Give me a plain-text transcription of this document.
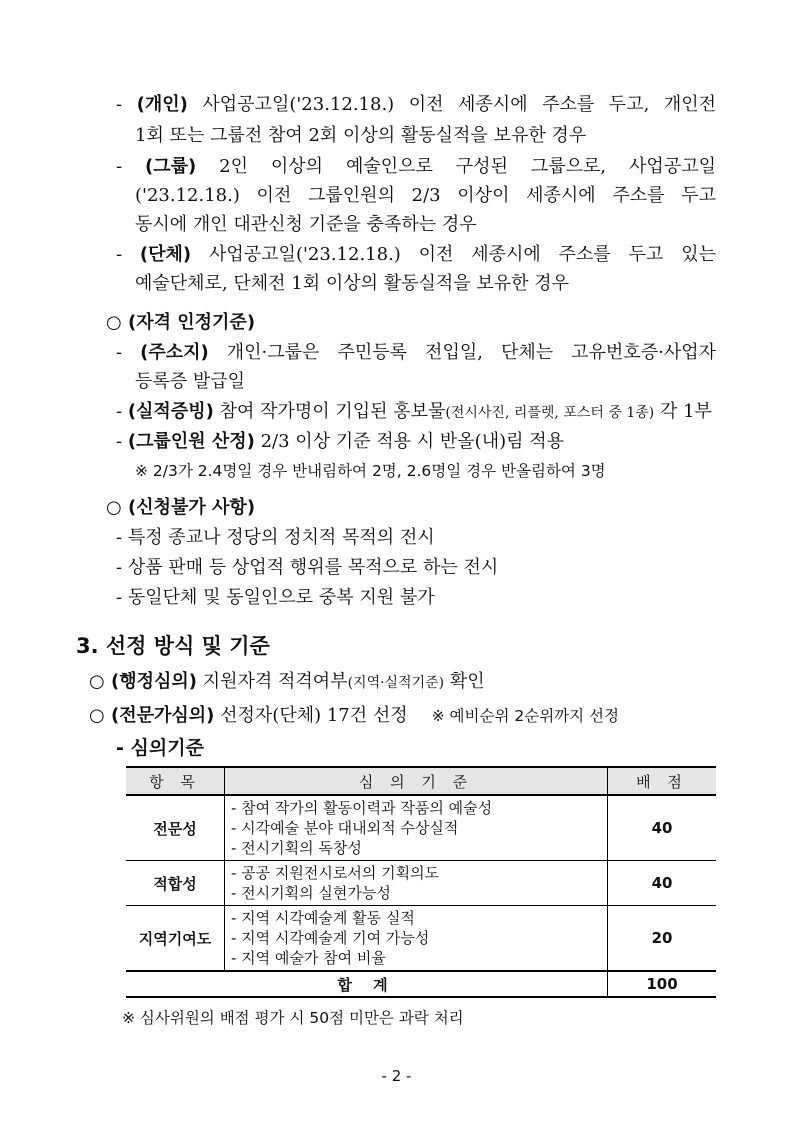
- (개인) 사업공고일('23.12.18.) 이전 세종시에 주소를 두고, 개인전
1회 또는 그룹전 참여 2회 이상의 활동실적을 보유한 경우
- (그룹) 2인 이상의 예술인으로 구성된 그룹으로, 사업공고일
('23.12.18.) 이전 그룹인원의 2/3 이상이 세종시에 주소를 두고
동시에 개인 대관신청 기준을 충족하는 경우
- (단체) 사업공고일('23.12.18.) 이전 세종시에 주소를 두고 있는
예술단체로, 단체전 1회 이상의 활동실적을 보유한 경우
○ (자격 인정기준)
- (주소지) 개인·그룹은 주민등록 전입일, 단체는 고유번호증·사업자
등록증 발급일
- (실적증빙) 참여 작가명이 기입된 홍보물(전시사진, 리플렛, 포스터 중 1종) 각 1부
- (그룹인원 산정) 2/3 이상 기준 적용 시 반올(내)림 적용
※ 2/3가 2.4명일 경우 반내림하여 2명, 2.6명일 경우 반올림하여 3명
○ (신청불가 사항)
- 특정 종교나 정당의 정치적 목적의 전시
- 상품 판매 등 상업적 행위를 목적으로 하는 전시
- 동일단체 및 동일인으로 중복 지원 불가
3. 선정 방식 및 기준
○ (행정심의) 지원자격 적격여부(지역·실적기준) 확인
○ (전문가심의) 선정자(단체) 17건 선정 ※ 예비순위 2순위까지 선정
- 심의기준
항 목	심 의 기 준	배 점
전문성	- 참여 작가의 활동이력과 작품의 예술성
- 시각예술 분야 대내외적 수상실적
- 전시기획의 독창성	40
적합성	- 공공 지원전시로서의 기획의도
- 전시기획의 실현가능성	40
지역기여도	- 지역 시각예술계 활동 실적
- 지역 시각예술계 기여 가능성
- 지역 예술가 참여 비율	20
합 계		100
※ 심사위원의 배점 평가 시 50점 미만은 과락 처리
- 2 -
